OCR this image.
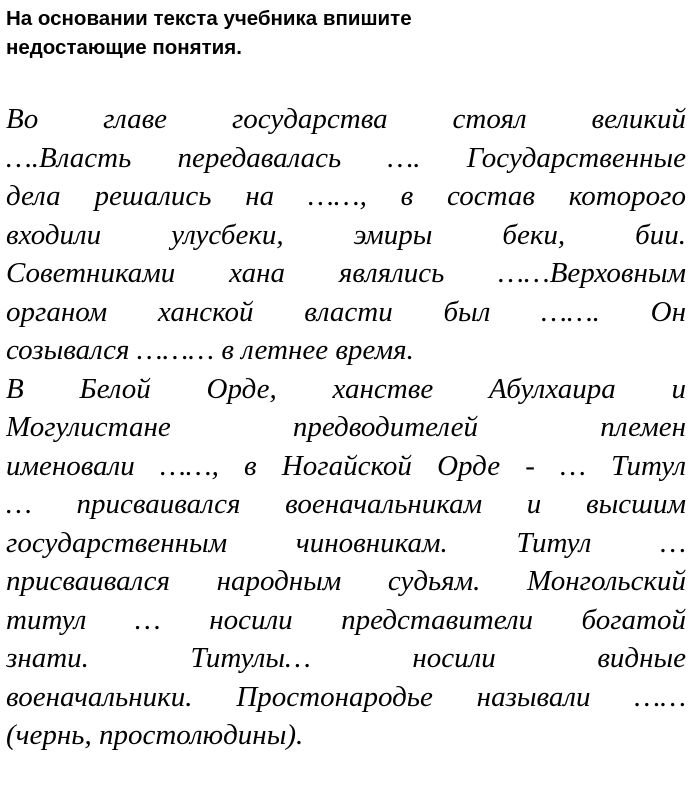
На основании текста учебника впишите
недостающие понятия.
Во главе государства стоял великий
….Власть передавалась …. Государственные
дела решались на ……, в состав которого
входили улусбеки, эмиры беки, бии.
Советниками хана являлись ……Верховным
органом ханской власти был ……. Он
созывался ……… в летнее время.
В Белой Орде, ханстве Абулхаира и
Могулистане предводителей племен
именовали ……, в Ногайской Орде - … Титул
… присваивался военачальникам и высшим
государственным чиновникам. Титул …
присваивался народным судьям. Монгольский
титул … носили представители богатой
знати. Титулы… носили видные
военачальники. Простонародье называли ……
(чернь, простолюдины).
